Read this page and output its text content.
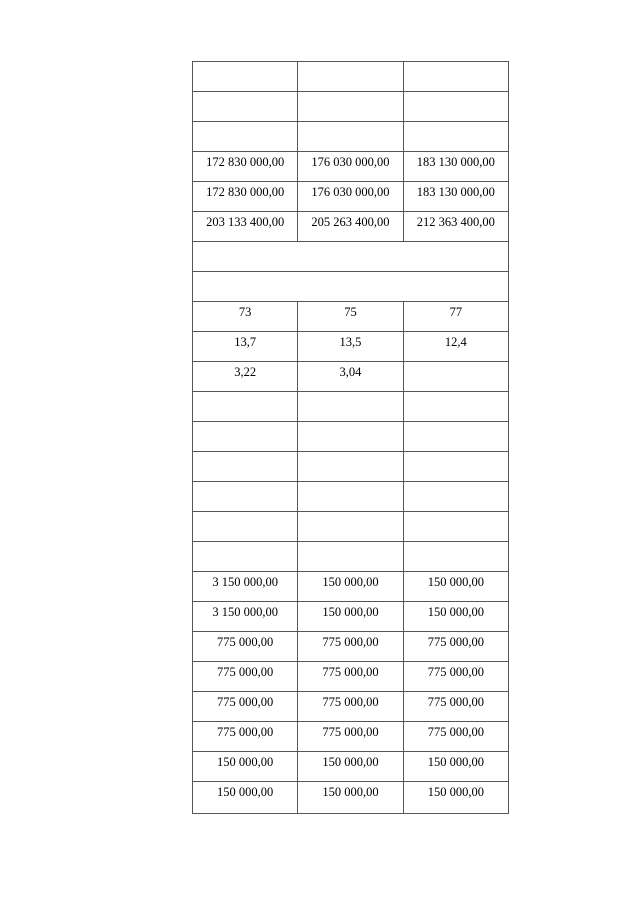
172 830 000,00	176 030 000,00	183 130 000,00
172 830 000,00	176 030 000,00	183 130 000,00
203 133 400,00	205 263 400,00	212 363 400,00

73	75	77
13,7	13,5	12,4
3,22	3,04	

3 150 000,00	150 000,00	150 000,00
3 150 000,00	150 000,00	150 000,00
775 000,00	775 000,00	775 000,00
775 000,00	775 000,00	775 000,00
775 000,00	775 000,00	775 000,00
775 000,00	775 000,00	775 000,00
150 000,00	150 000,00	150 000,00
150 000,00	150 000,00	150 000,00
